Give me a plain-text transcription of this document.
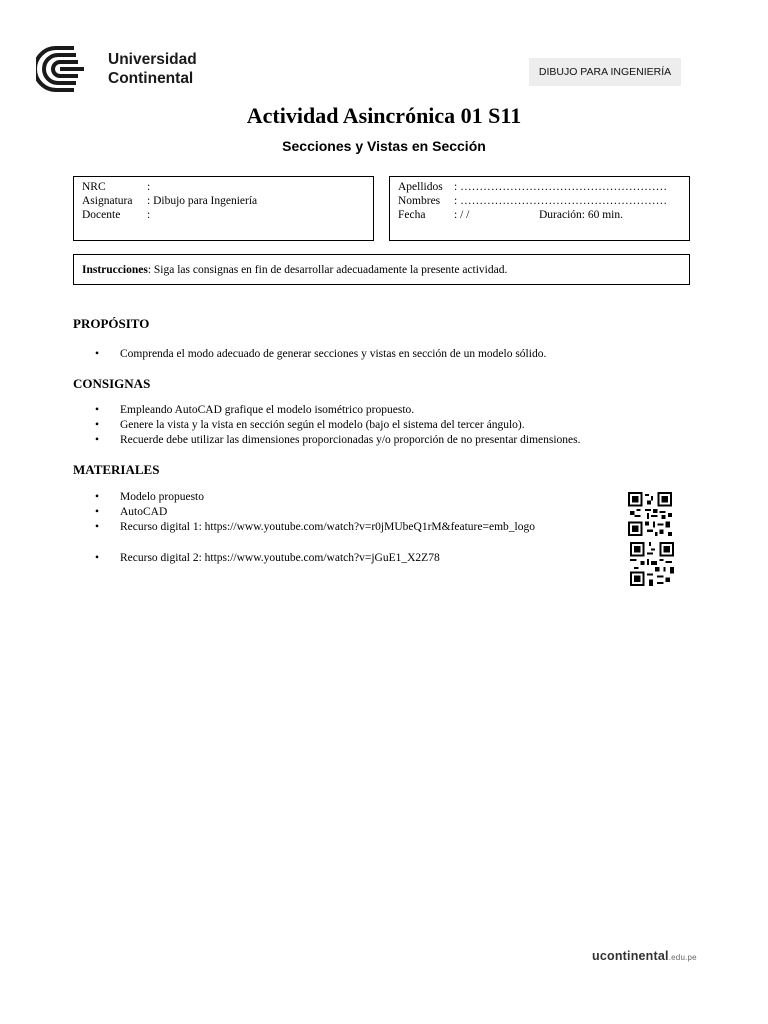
Universidad
Continental	DIBUJO PARA INGENIERÍA
Actividad Asincrónica 01 S11
Secciones y Vistas en Sección
NRC	:
Asignatura : Dibujo para Ingeniería
Docente :
Apellidos : ………………………………………………
Nombres : ………………………………………………
Fecha : / /	Duración: 60 min.
Instrucciones: Siga las consignas en fin de desarrollar adecuadamente la presente actividad.
PROPÓSITO
• Comprenda el modo adecuado de generar secciones y vistas en sección de un modelo sólido.
CONSIGNAS
• Empleando AutoCAD grafique el modelo isométrico propuesto.
• Genere la vista y la vista en sección según el modelo (bajo el sistema del tercer ángulo).
• Recuerde debe utilizar las dimensiones proporcionadas y/o proporción de no presentar dimensiones.
MATERIALES
• Modelo propuesto
• AutoCAD
• Recurso digital 1: https://www.youtube.com/watch?v=r0jMUbeQ1rM&feature=emb_logo
• Recurso digital 2: https://www.youtube.com/watch?v=jGuE1_X2Z78
ucontinental.edu.pe
